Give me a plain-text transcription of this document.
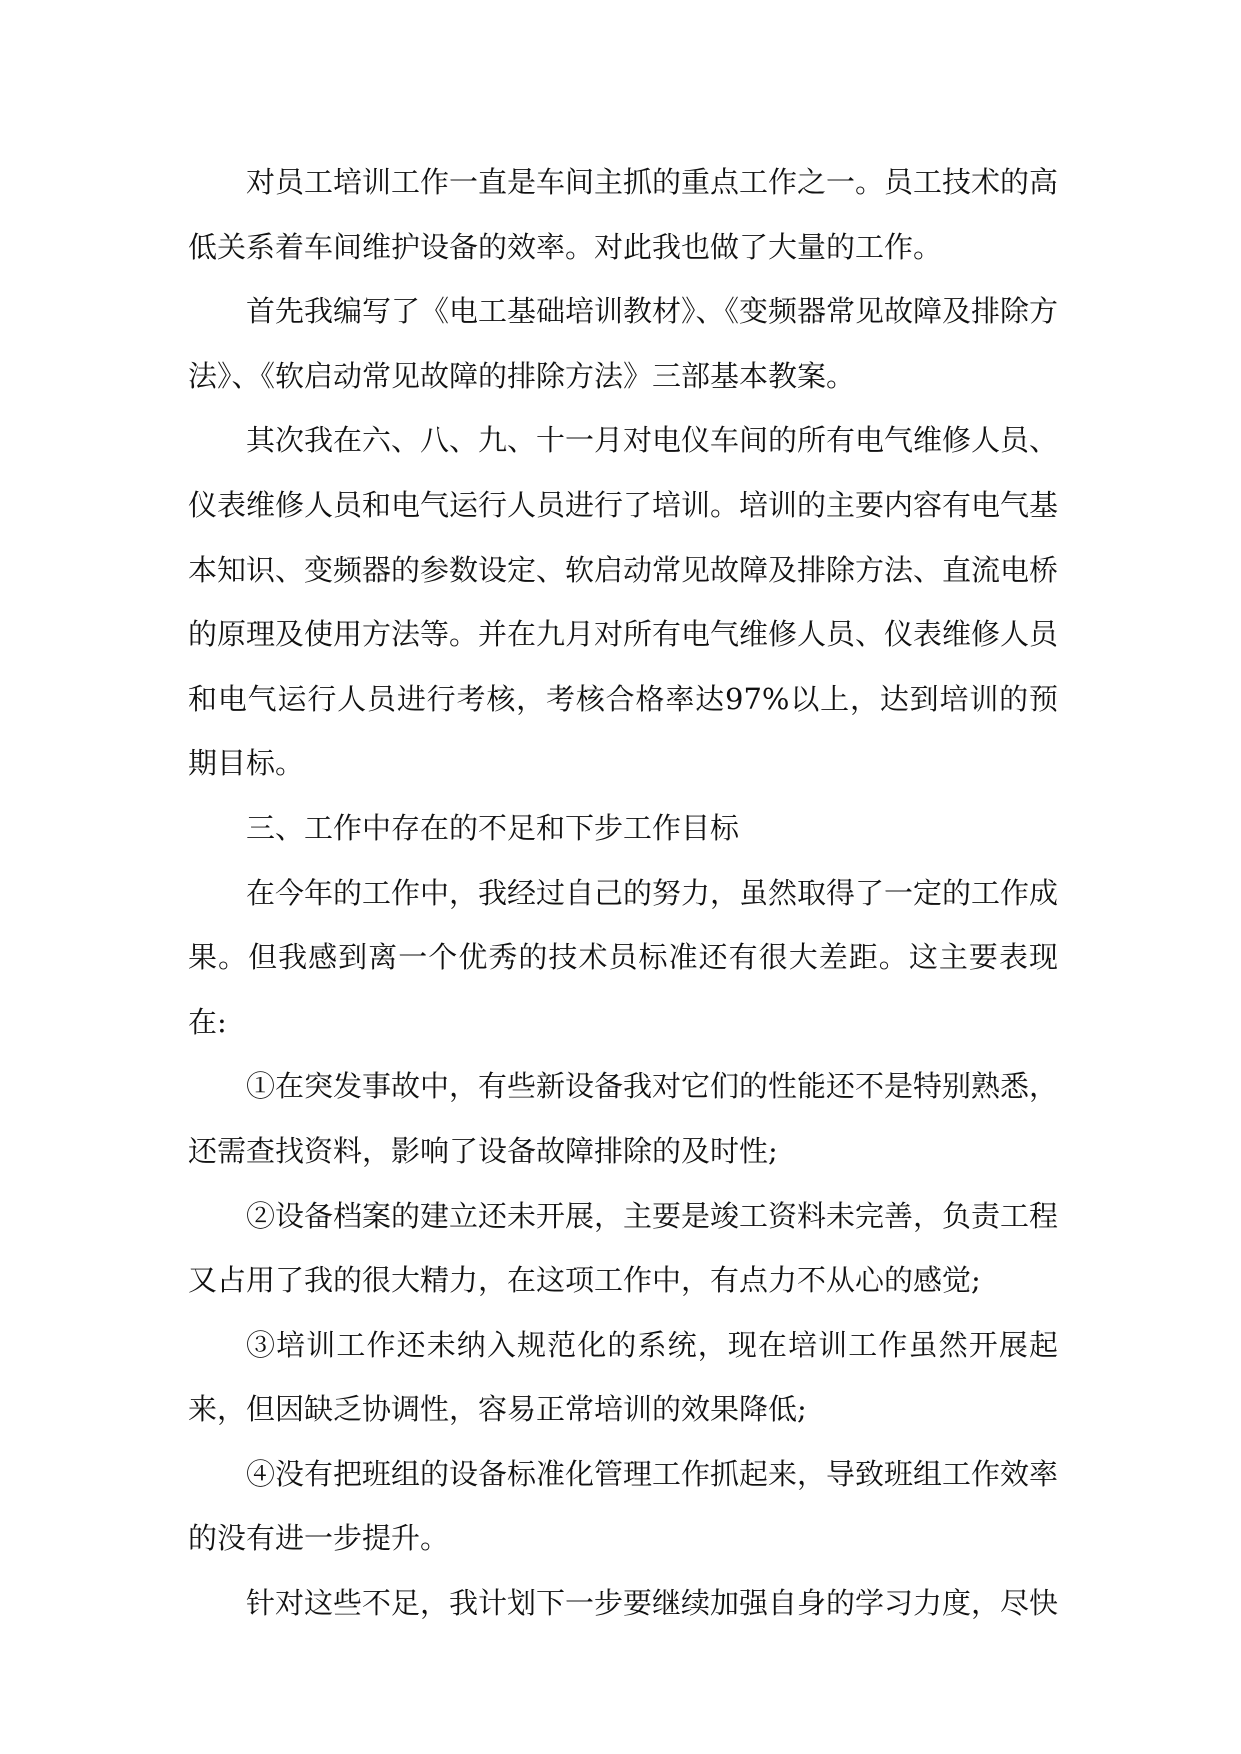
对员工培训工作一直是车间主抓的重点工作之一。员工技术的高低关系着车间维护设备的效率。对此我也做了大量的工作。

首先我编写了《电工基础培训教材》、《变频器常见故障及排除方法》、《软启动常见故障的排除方法》三部基本教案。

其次我在六、八、九、十一月对电仪车间的所有电气维修人员、仪表维修人员和电气运行人员进行了培训。培训的主要内容有电气基本知识、变频器的参数设定、软启动常见故障及排除方法、直流电桥的原理及使用方法等。并在九月对所有电气维修人员、仪表维修人员和电气运行人员进行考核，考核合格率达97%以上，达到培训的预期目标。

三、工作中存在的不足和下步工作目标

在今年的工作中，我经过自己的努力，虽然取得了一定的工作成果。但我感到离一个优秀的技术员标准还有很大差距。这主要表现在:

①在突发事故中，有些新设备我对它们的性能还不是特别熟悉，还需查找资料，影响了设备故障排除的及时性;

②设备档案的建立还未开展，主要是竣工资料未完善，负责工程又占用了我的很大精力，在这项工作中，有点力不从心的感觉;

③培训工作还未纳入规范化的系统，现在培训工作虽然开展起来，但因缺乏协调性，容易正常培训的效果降低;

④没有把班组的设备标准化管理工作抓起来，导致班组工作效率的没有进一步提升。

针对这些不足，我计划下一步要继续加强自身的学习力度，尽快
